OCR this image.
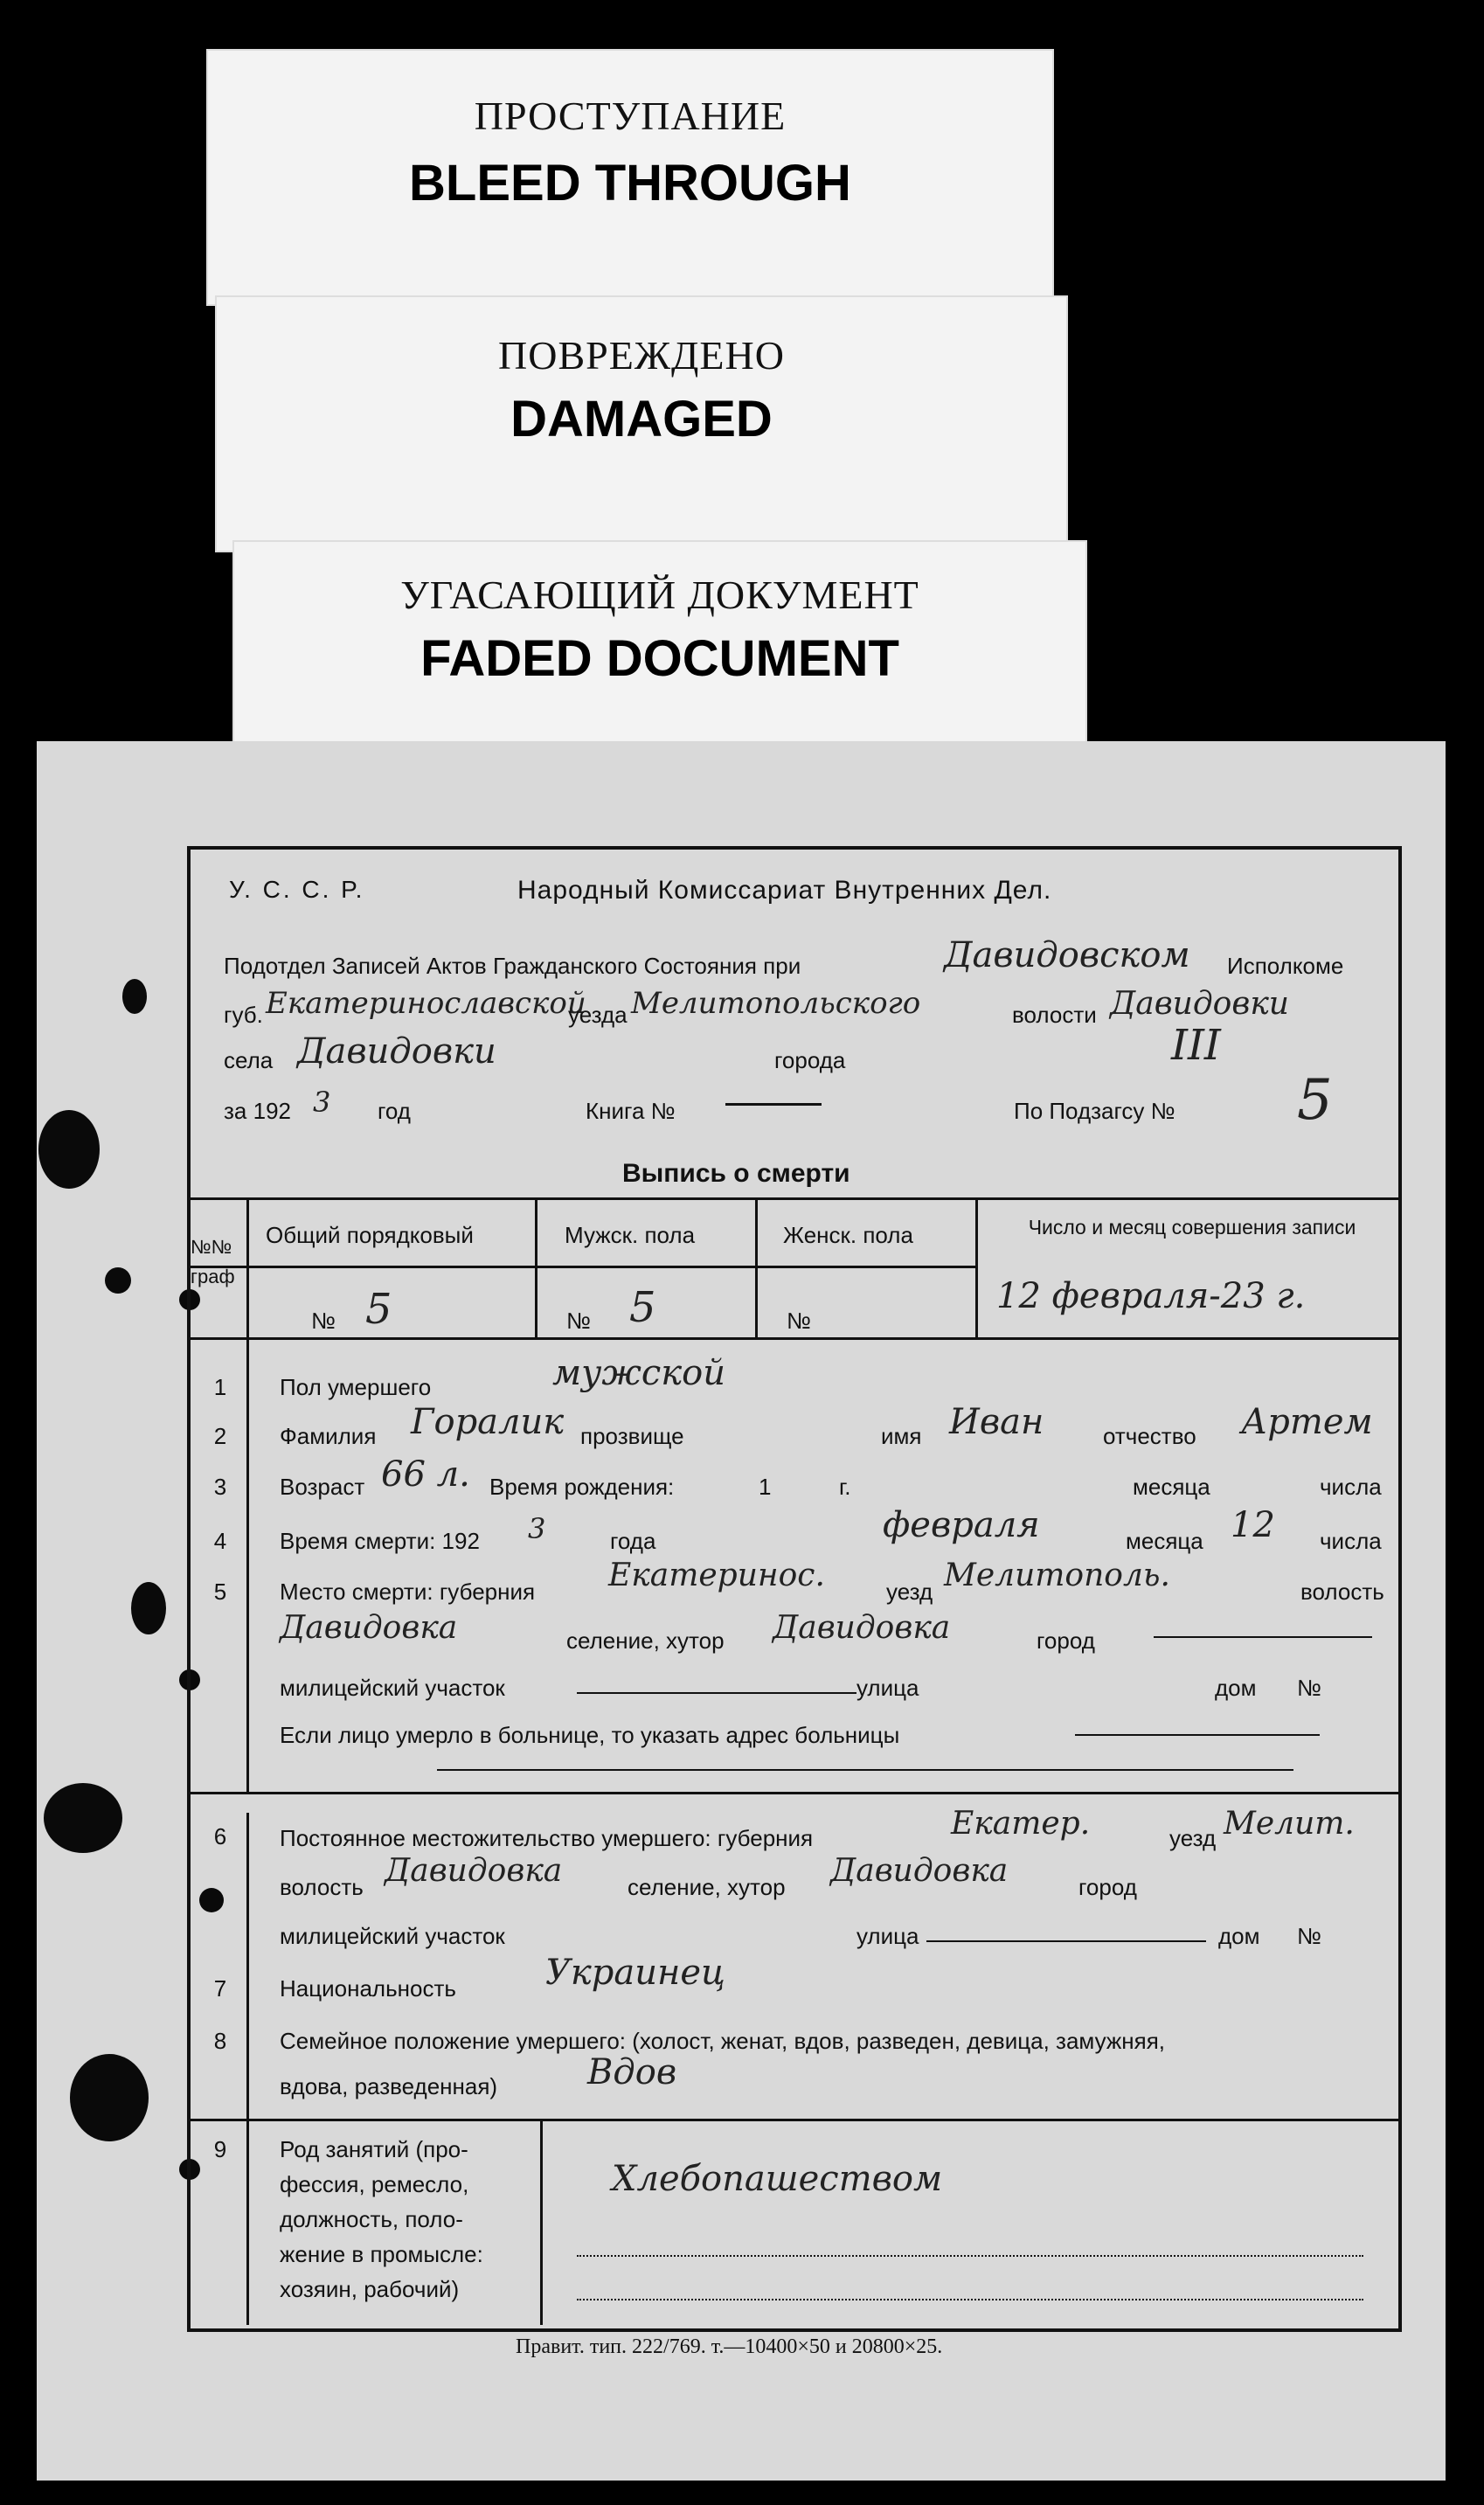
ПРОСТУПАНИЕ
BLEED THROUGH
ПОВРЕЖДЕНО
DAMAGED
УГАСАЮЩИЙ ДОКУМЕНТ
FADED DOCUMENT
У. С. С. Р.	Народный Комиссариат Внутренних Дел.
Подотдел Записей Актов Гражданского Состояния при	Давидовском Исполкоме
губ. Екатеринославской
уезда Мелитопольского	волости Давидовки
села Давидовки	города	III
за 192 3 год	Книга №	По Подзагсу № 5
Выпись о смерти
№№ граф
Общий порядковый	Мужск. пола	Женск. пола	Число и месяц совершения записи
№ 5	№ 5	№
12 февраля-23 г.
1	Пол умершего	мужской
2	Фамилия Горалик прозвище	имя Иван	отчество Артем
3	Возраст 66 л. Время рождения:	1	г.	месяца	числа
4	Время смерти: 192 3	года	февраля	месяца 12 числа
5	Место смерти: губерния Екатеринос.	уезд Мелитополь.	волость
Давидовка	селение, хутор Давидовка	город
милицейский участок	улица	дом №
Если лицо умерло в больнице, то указать адрес больницы
6	Постоянное местожительство умершего: губерния	Екатер.	уезд Мелит.
волость Давидовка	селение, хутор Давидовка	город
милицейский участок	улица	дом №
7	Национальность	Украинец
8	Семейное положение умершего: (холост, женат, вдов, разведен, девица, замужняя,
вдова, разведенная)	Вдов
9	Род занятий (про-
фессия, ремесло,
должность, поло-
жение в промысле:
хозяин, рабочий)
Хлебопашеством
Правит. тип. 222/769. т.—10400×50 и 20800×25.
